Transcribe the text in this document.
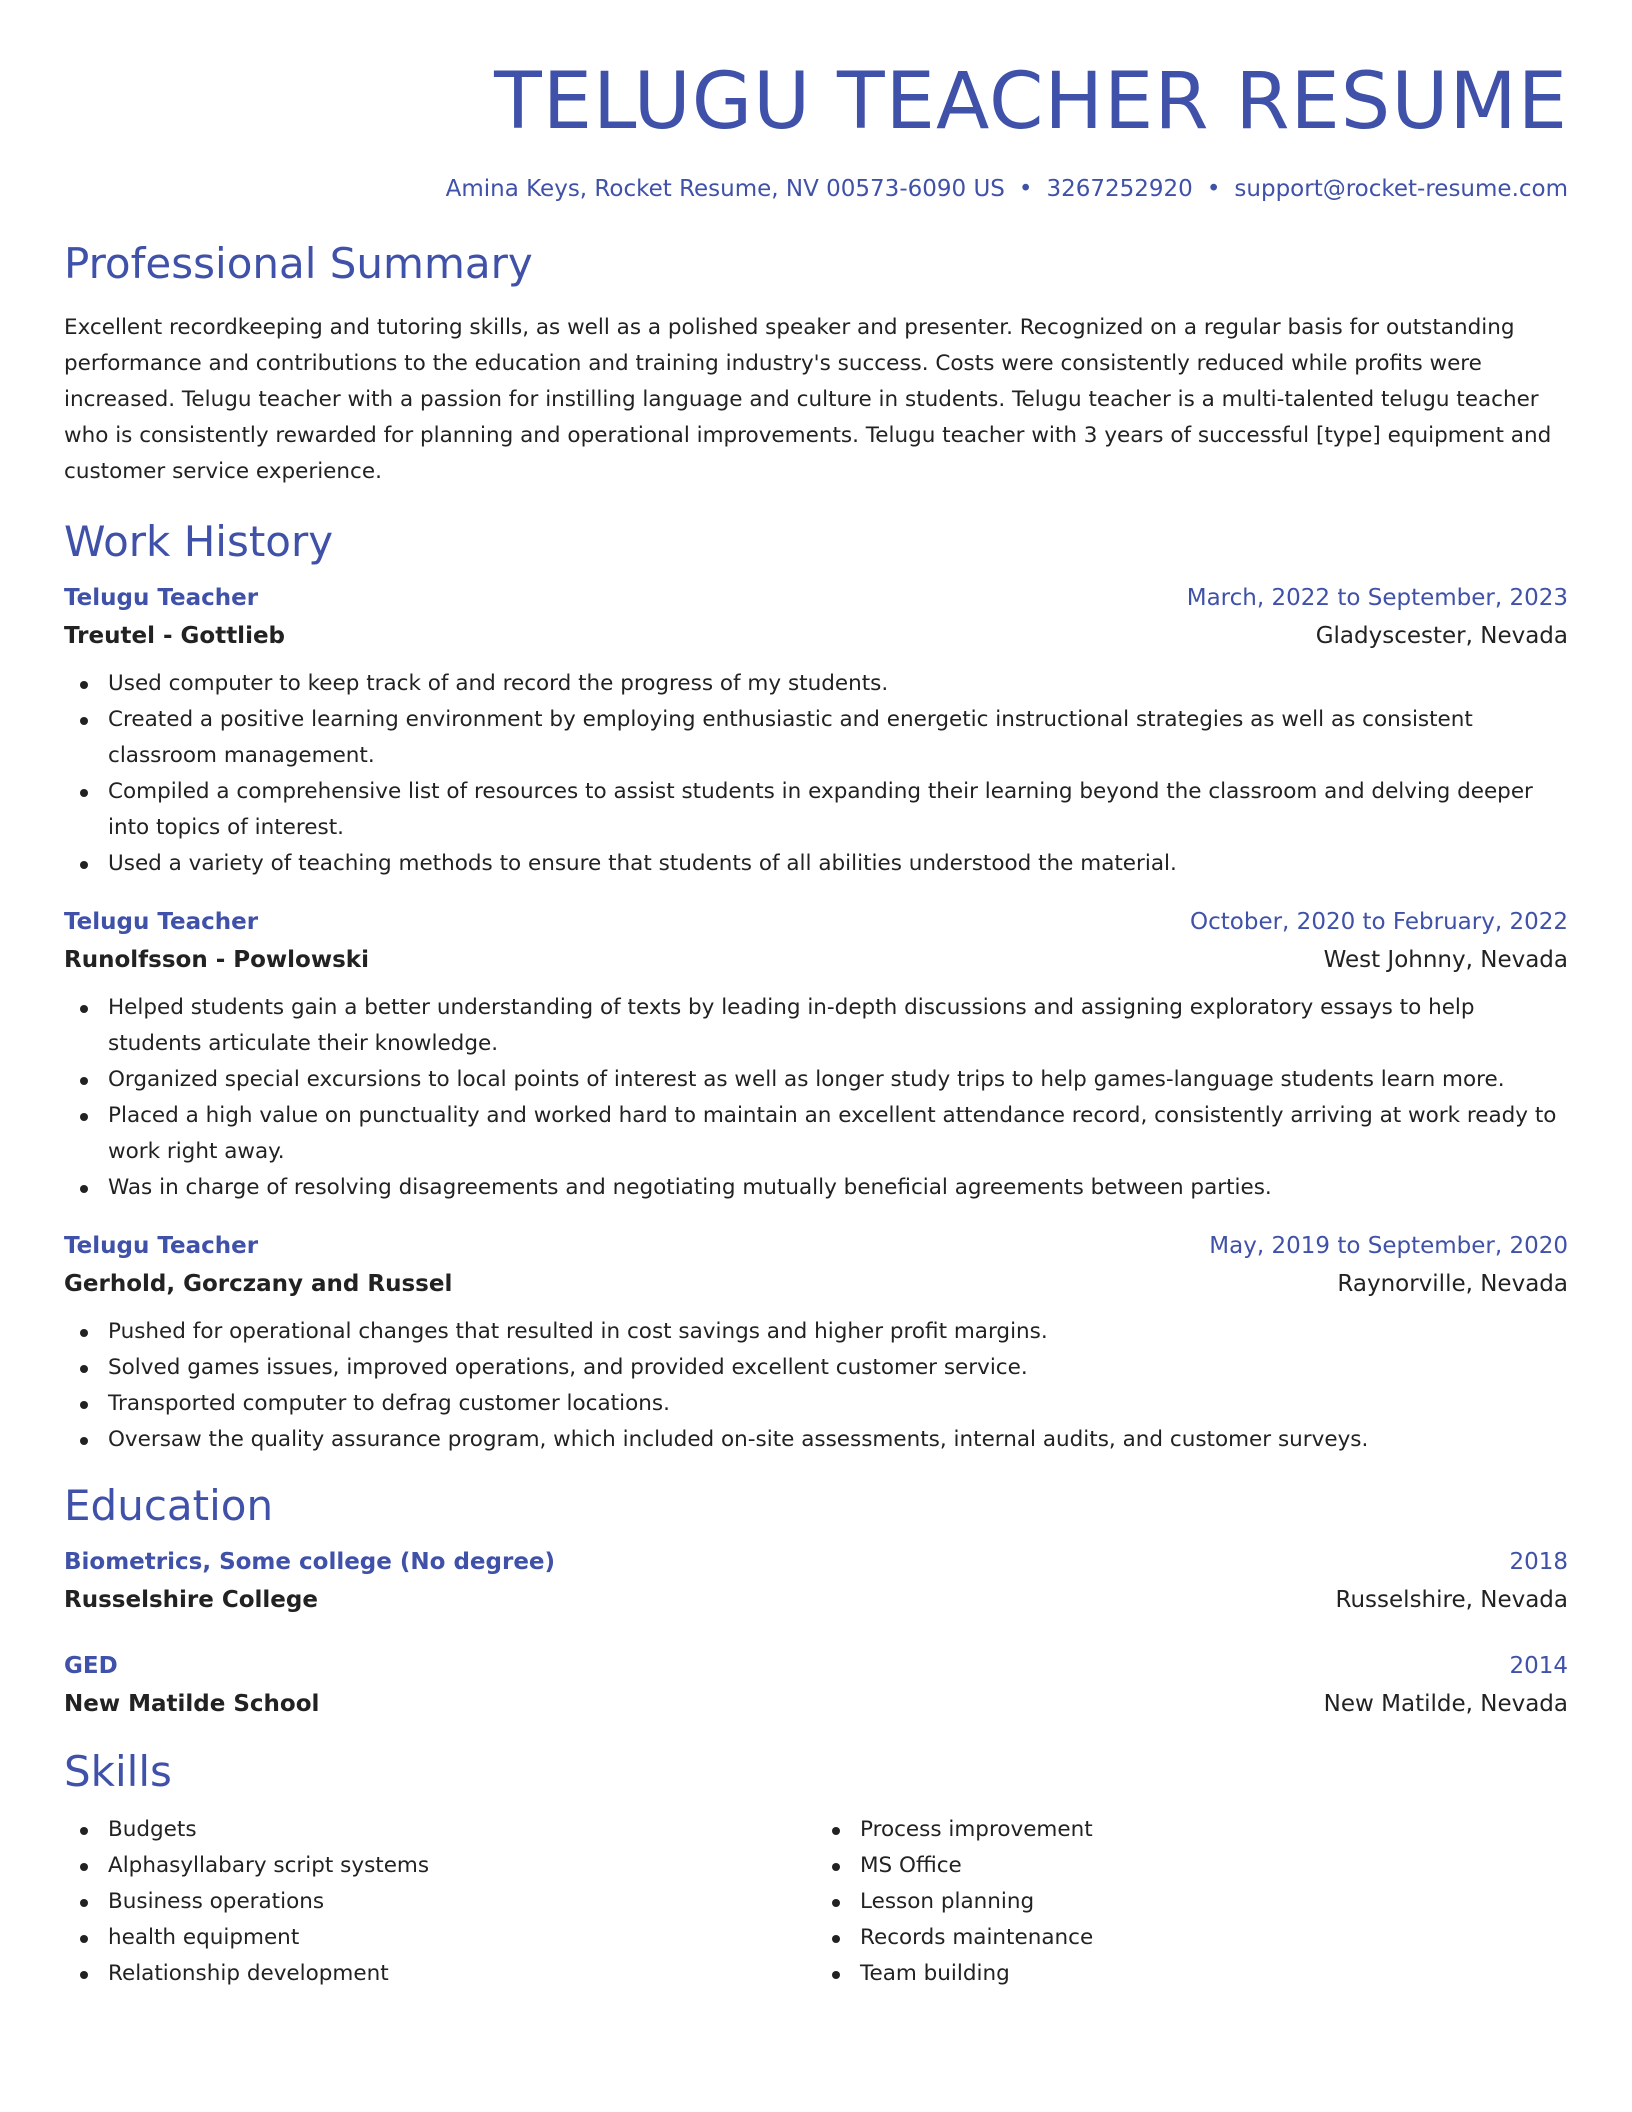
TELUGU TEACHER RESUME
Amina Keys, Rocket Resume, NV 00573-6090 US • 3267252920 • support@rocket-resume.com
Professional Summary

Excellent recordkeeping and tutoring skills, as well as a polished speaker and presenter. Recognized on a regular basis for outstanding performance and contributions to the education and training industry's success. Costs were consistently reduced while profits were increased. Telugu teacher with a passion for instilling language and culture in students. Telugu teacher is a multi-talented telugu teacher who is consistently rewarded for planning and operational improvements. Telugu teacher with 3 years of successful [type] equipment and customer service experience.

Work History
Telugu Teacher	March, 2022 to September, 2023
Treutel - Gottlieb	Gladyscester, Nevada
Used computer to keep track of and record the progress of my students.
Created a positive learning environment by employing enthusiastic and energetic instructional strategies as well as consistent classroom management.
Compiled a comprehensive list of resources to assist students in expanding their learning beyond the classroom and delving deeper into topics of interest.
Used a variety of teaching methods to ensure that students of all abilities understood the material.
Telugu Teacher	October, 2020 to February, 2022
Runolfsson - Powlowski	West Johnny, Nevada
Helped students gain a better understanding of texts by leading in-depth discussions and assigning exploratory essays to help students articulate their knowledge.
Organized special excursions to local points of interest as well as longer study trips to help games-language students learn more.
Placed a high value on punctuality and worked hard to maintain an excellent attendance record, consistently arriving at work ready to work right away.
Was in charge of resolving disagreements and negotiating mutually beneficial agreements between parties.
Telugu Teacher	May, 2019 to September, 2020
Gerhold, Gorczany and Russel	Raynorville, Nevada
Pushed for operational changes that resulted in cost savings and higher profit margins.
Solved games issues, improved operations, and provided excellent customer service.
Transported computer to defrag customer locations.
Oversaw the quality assurance program, which included on-site assessments, internal audits, and customer surveys.
Education
Biometrics, Some college (No degree)	2018
Russelshire College	Russelshire, Nevada
GED	2014
New Matilde School	New Matilde, Nevada
Skills
Budgets
Alphasyllabary script systems
Business operations
health equipment
Relationship development
Process improvement
MS Office
Lesson planning
Records maintenance
Team building
